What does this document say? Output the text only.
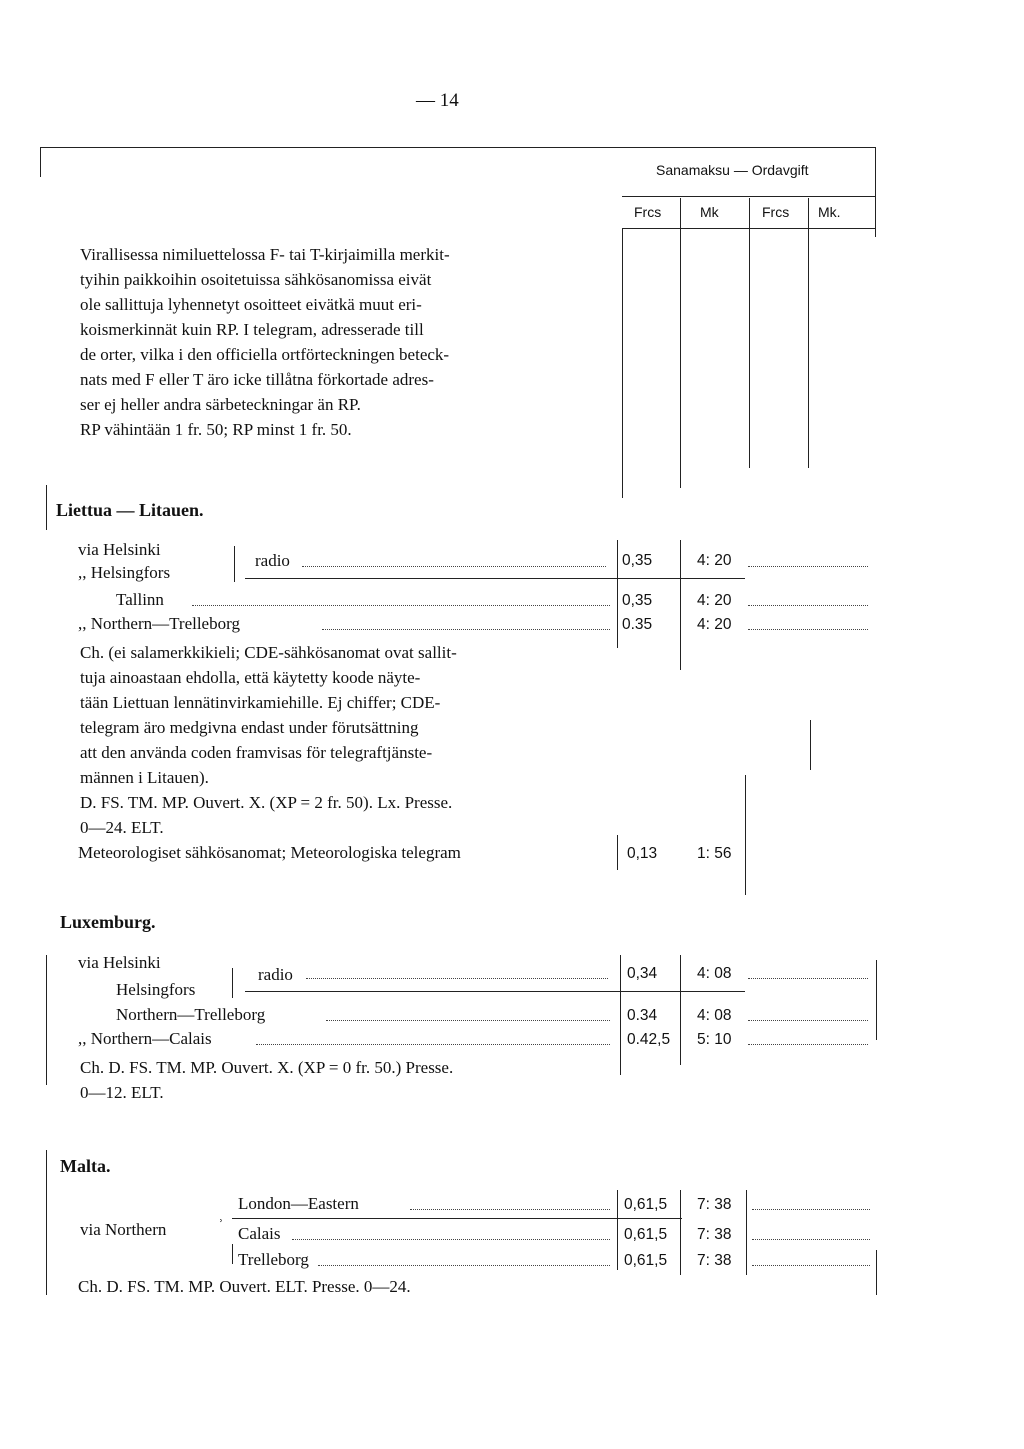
— 14
Sanamaksu — Ordavgift
Frcs	Mk	Frcs Mk.
Virallisessa nimiluettelossa F- tai T-kirjaimilla merkit-
tyihin paikkoihin osoitetuissa sähkösanomissa eivät
ole sallittuja lyhennetyt osoitteet eivätkä muut eri-
koismerkinnät kuin RP. I telegram, adresserade till
de orter, vilka i den officiella ortförteckningen beteck-
nats med F eller T äro icke tillåtna förkortade adres-
ser ej heller andra särbeteckningar än RP.
RP vähintään 1 fr. 50; RP minst 1 fr. 50.
Liettua — Litauen.
via Helsinki
,, Helsingfors
radio	0,35	4: 20
Tallinn	0,35	4: 20
,, Northern—Trelleborg	0.35	4: 20
Ch. (ei salamerkkikieli; CDE-sähkösanomat ovat sallit-
tuja ainoastaan ehdolla, että käytetty koode näyte-
tään Liettuan lennätinvirkamiehille. Ej chiffer; CDE-
telegram äro medgivna endast under förutsättning
att den använda coden framvisas för telegraftjänste-
männen i Litauen).
D. FS. TM. MP. Ouvert. X. (XP = 2 fr. 50). Lx. Presse.
0—24. ELT.
Meteorologiset sähkösanomat; Meteorologiska telegram	0,13	1: 56
Luxemburg.
via Helsinki
Helsingfors
radio	0,34	4: 08
Northern—Trelleborg	0.34	4: 08
,, Northern—Calais	0.42,5 5: 10
Ch. D. FS. TM. MP. Ouvert. X. (XP = 0 fr. 50.) Presse.
0—12. ELT.
Malta.
London—Eastern	0,61,5 7: 38
via Northern	ʾ Calais	0,61,5 7: 38
Trelleborg	0,61,5 7: 38
Ch. D. FS. TM. MP. Ouvert. ELT. Presse. 0—24.
